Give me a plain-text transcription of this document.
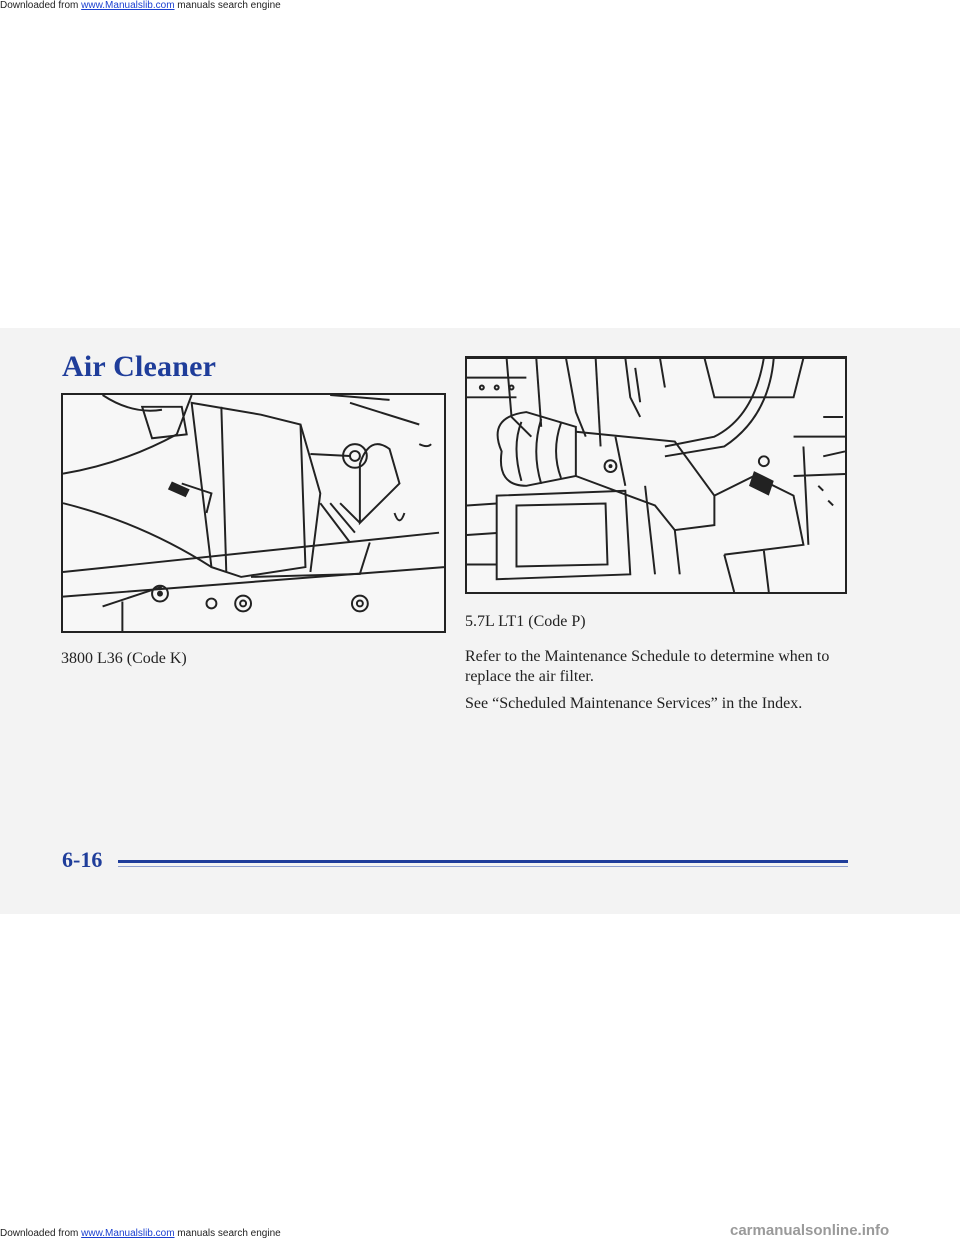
Downloaded from www.Manualslib.com manuals search engine

Air Cleaner

3800 L36 (Code K)

5.7L LT1 (Code P)

Refer to the Maintenance Schedule to determine when to replace the air filter.

See “Scheduled Maintenance Services” in the Index.

6-16

Downloaded from www.Manualslib.com manuals search engine	carmanualsonline.info
